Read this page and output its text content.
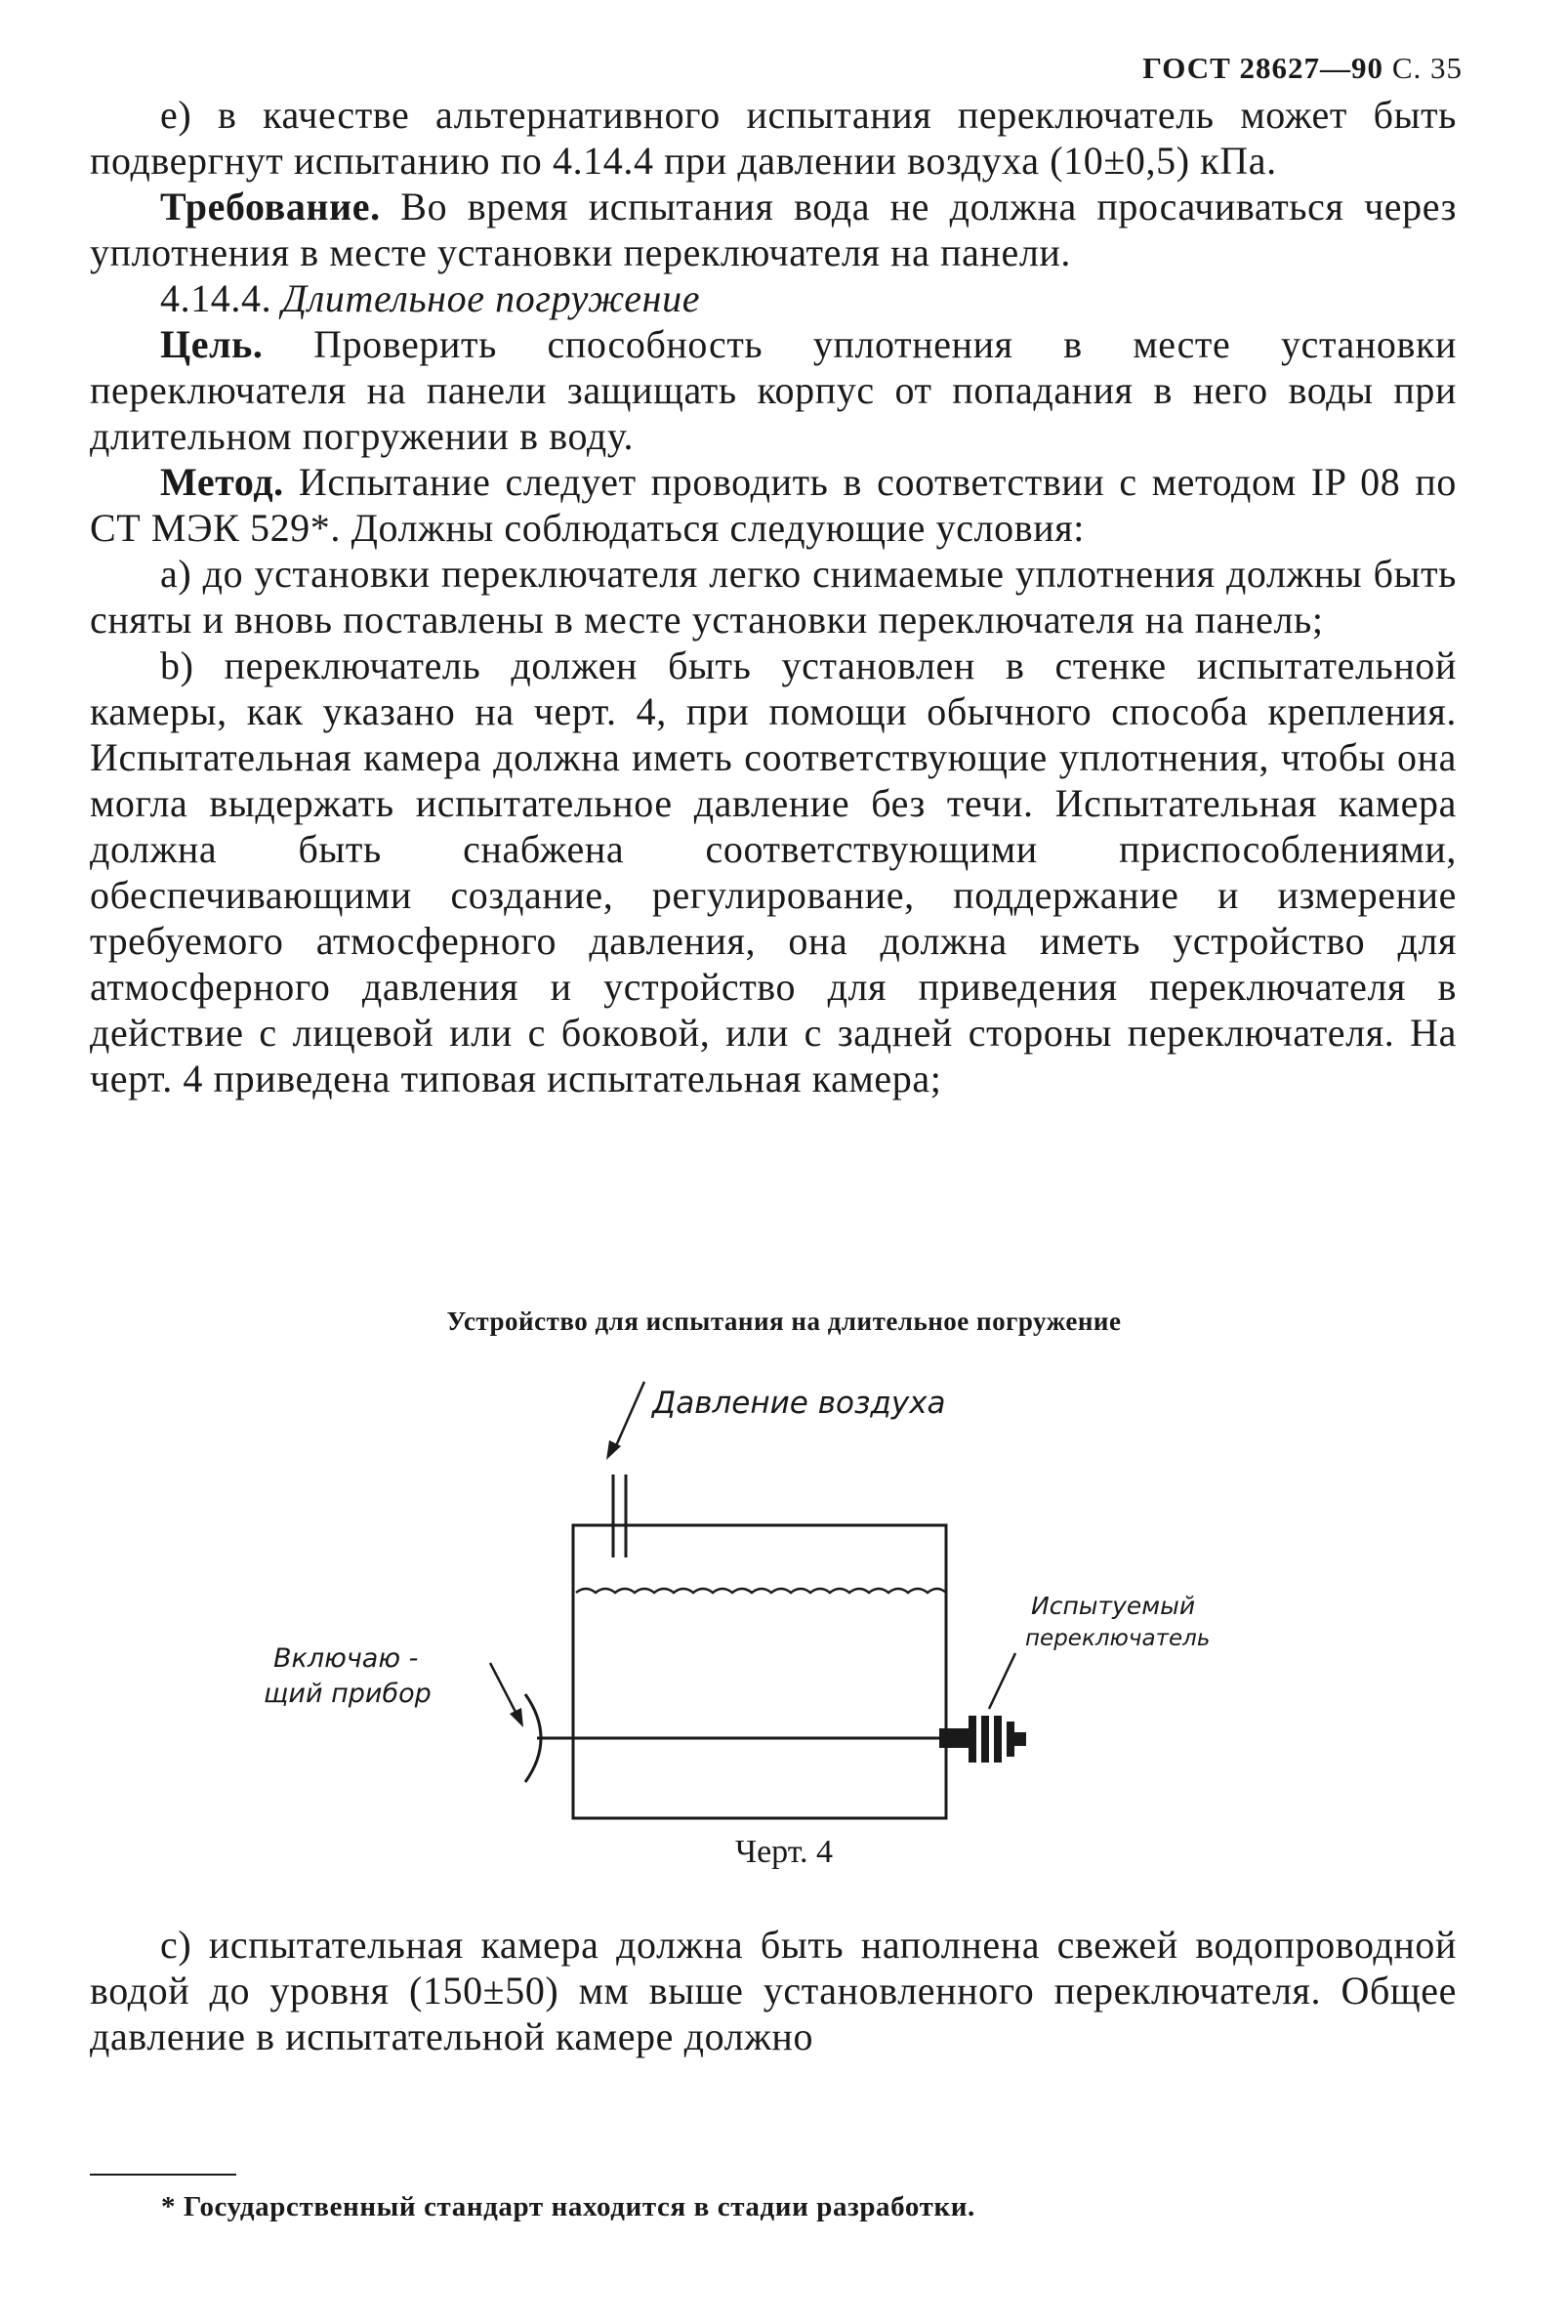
ГОСТ 28627—90 С. 35

е) в качестве альтернативного испытания переключатель может быть подвергнут испытанию по 4.14.4 при давлении воздуха (10±0,5) кПа.

Требование. Во время испытания вода не должна просачиваться через уплотнения в месте установки переключателя на панели.

4.14.4. Длительное погружение

Цель. Проверить способность уплотнения в месте установки переключателя на панели защищать корпус от попадания в него воды при длительном погружении в воду.

Метод. Испытание следует проводить в соответствии с методом IP 08 по СТ МЭК 529*. Должны соблюдаться следующие условия:

а) до установки переключателя легко снимаемые уплотнения должны быть сняты и вновь поставлены в месте установки переключателя на панель;

b) переключатель должен быть установлен в стенке испытательной камеры, как указано на черт. 4, при помощи обычного способа крепления. Испытательная камера должна иметь соответствующие уплотнения, чтобы она могла выдержать испытательное давление без течи. Испытательная камера должна быть снабжена соответствующими приспособлениями, обеспечивающими создание, регулирование, поддержание и измерение требуемого атмосферного давления, она должна иметь устройство для атмосферного давления и устройство для приведения переключателя в действие с лицевой или с боковой, или с задней стороны переключателя. На черт. 4 приведена типовая испытательная камера;

Устройство для испытания на длительное погружение
Давление воздуха
Включаю -
щий прибор
Испытуемый
переключатель
Черт. 4

с) испытательная камера должна быть наполнена свежей водопроводной водой до уровня (150±50) мм выше установленного переключателя. Общее давление в испытательной камере должно

* Государственный стандарт находится в стадии разработки.
